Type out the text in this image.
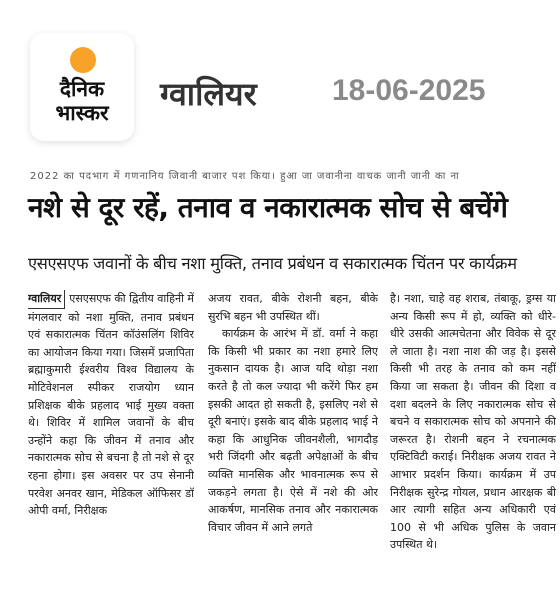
दैनिक
भास्कर	ग्वालियर	18-06-2025
2022 का पदभाग में गणनानिय जिवानी बाजार पश किया। हुआ जा जवानीना वाचक जानी जानी का ना
नशे से दूर रहें, तनाव व नकारात्मक सोच से बचेंगे
एसएसएफ जवानों के बीच नशा मुक्ति, तनाव प्रबंधन व सकारात्मक चिंतन पर कार्यक्रम

ग्वालियर एसएसएफ की द्वितीय वाहिनी में मंगलवार को नशा मुक्ति, तनाव प्रबंधन एवं सकारात्मक चिंतन कॉउंसलिंग शिविर का आयोजन किया गया। जिसमें प्रजापिता ब्रह्माकुमारी ईश्वरीय विश्व विद्यालय के मोटिवेशनल स्पीकर राजयोग ध्यान प्रशिक्षक बीके प्रहलाद भाई मुख्य वक्ता थे। शिविर में शामिल जवानों के बीच उन्होंने कहा कि जीवन में तनाव और नकारात्मक सोच से बचना है तो नशे से दूर रहना होगा। इस अवसर पर उप सेनानी परवेश अनवर खान, मेडिकल ऑफिसर डॉ ओपी वर्मा, निरीक्षक

अजय रावत, बीके रोशनी बहन, बीके सुरभि बहन भी उपस्थित थीं।

कार्यक्रम के आरंभ में डॉ. वर्मा ने कहा कि किसी भी प्रकार का नशा हमारे लिए नुकसान दायक है। आज यदि थोड़ा नशा करते है तो कल ज्यादा भी करेंगे फिर हम इसकी आदत हो सकती है, इसलिए नशे से दूरी बनाएं। इसके बाद बीके प्रहलाद भाई ने कहा कि आधुनिक जीवनशैली, भागदौड़ भरी जिंदगी और बढ़ती अपेक्षाओं के बीच व्यक्ति मानसिक और भावनात्मक रूप से जकड़ने लगता है। ऐसे में नशे की ओर आकर्षण, मानसिक तनाव और नकारात्मक विचार जीवन में आने लगते

है। नशा, चाहे वह शराब, तंबाकू, ड्रग्स या अन्य किसी रूप में हो, व्यक्ति को धीरे-धीरे उसकी आत्मचेतना और विवेक से दूर ले जाता है। नशा नाश की जड़ है। इससे किसी भी तरह के तनाव को कम नहीं किया जा सकता है। जीवन की दिशा व दशा बदलने के लिए नकारात्मक सोच से बचने व सकारात्मक सोच को अपनाने की जरूरत है। रोशनी बहन ने रचनात्मक एक्टिविटी कराई। निरीक्षक अजय रावत ने आभार प्रदर्शन किया। कार्यक्रम में उप निरीक्षक सुरेन्द्र गोयल, प्रधान आरक्षक बी आर त्यागी सहित अन्य अधिकारी एवं 100 से भी अधिक पुलिस के जवान उपस्थित थे।
